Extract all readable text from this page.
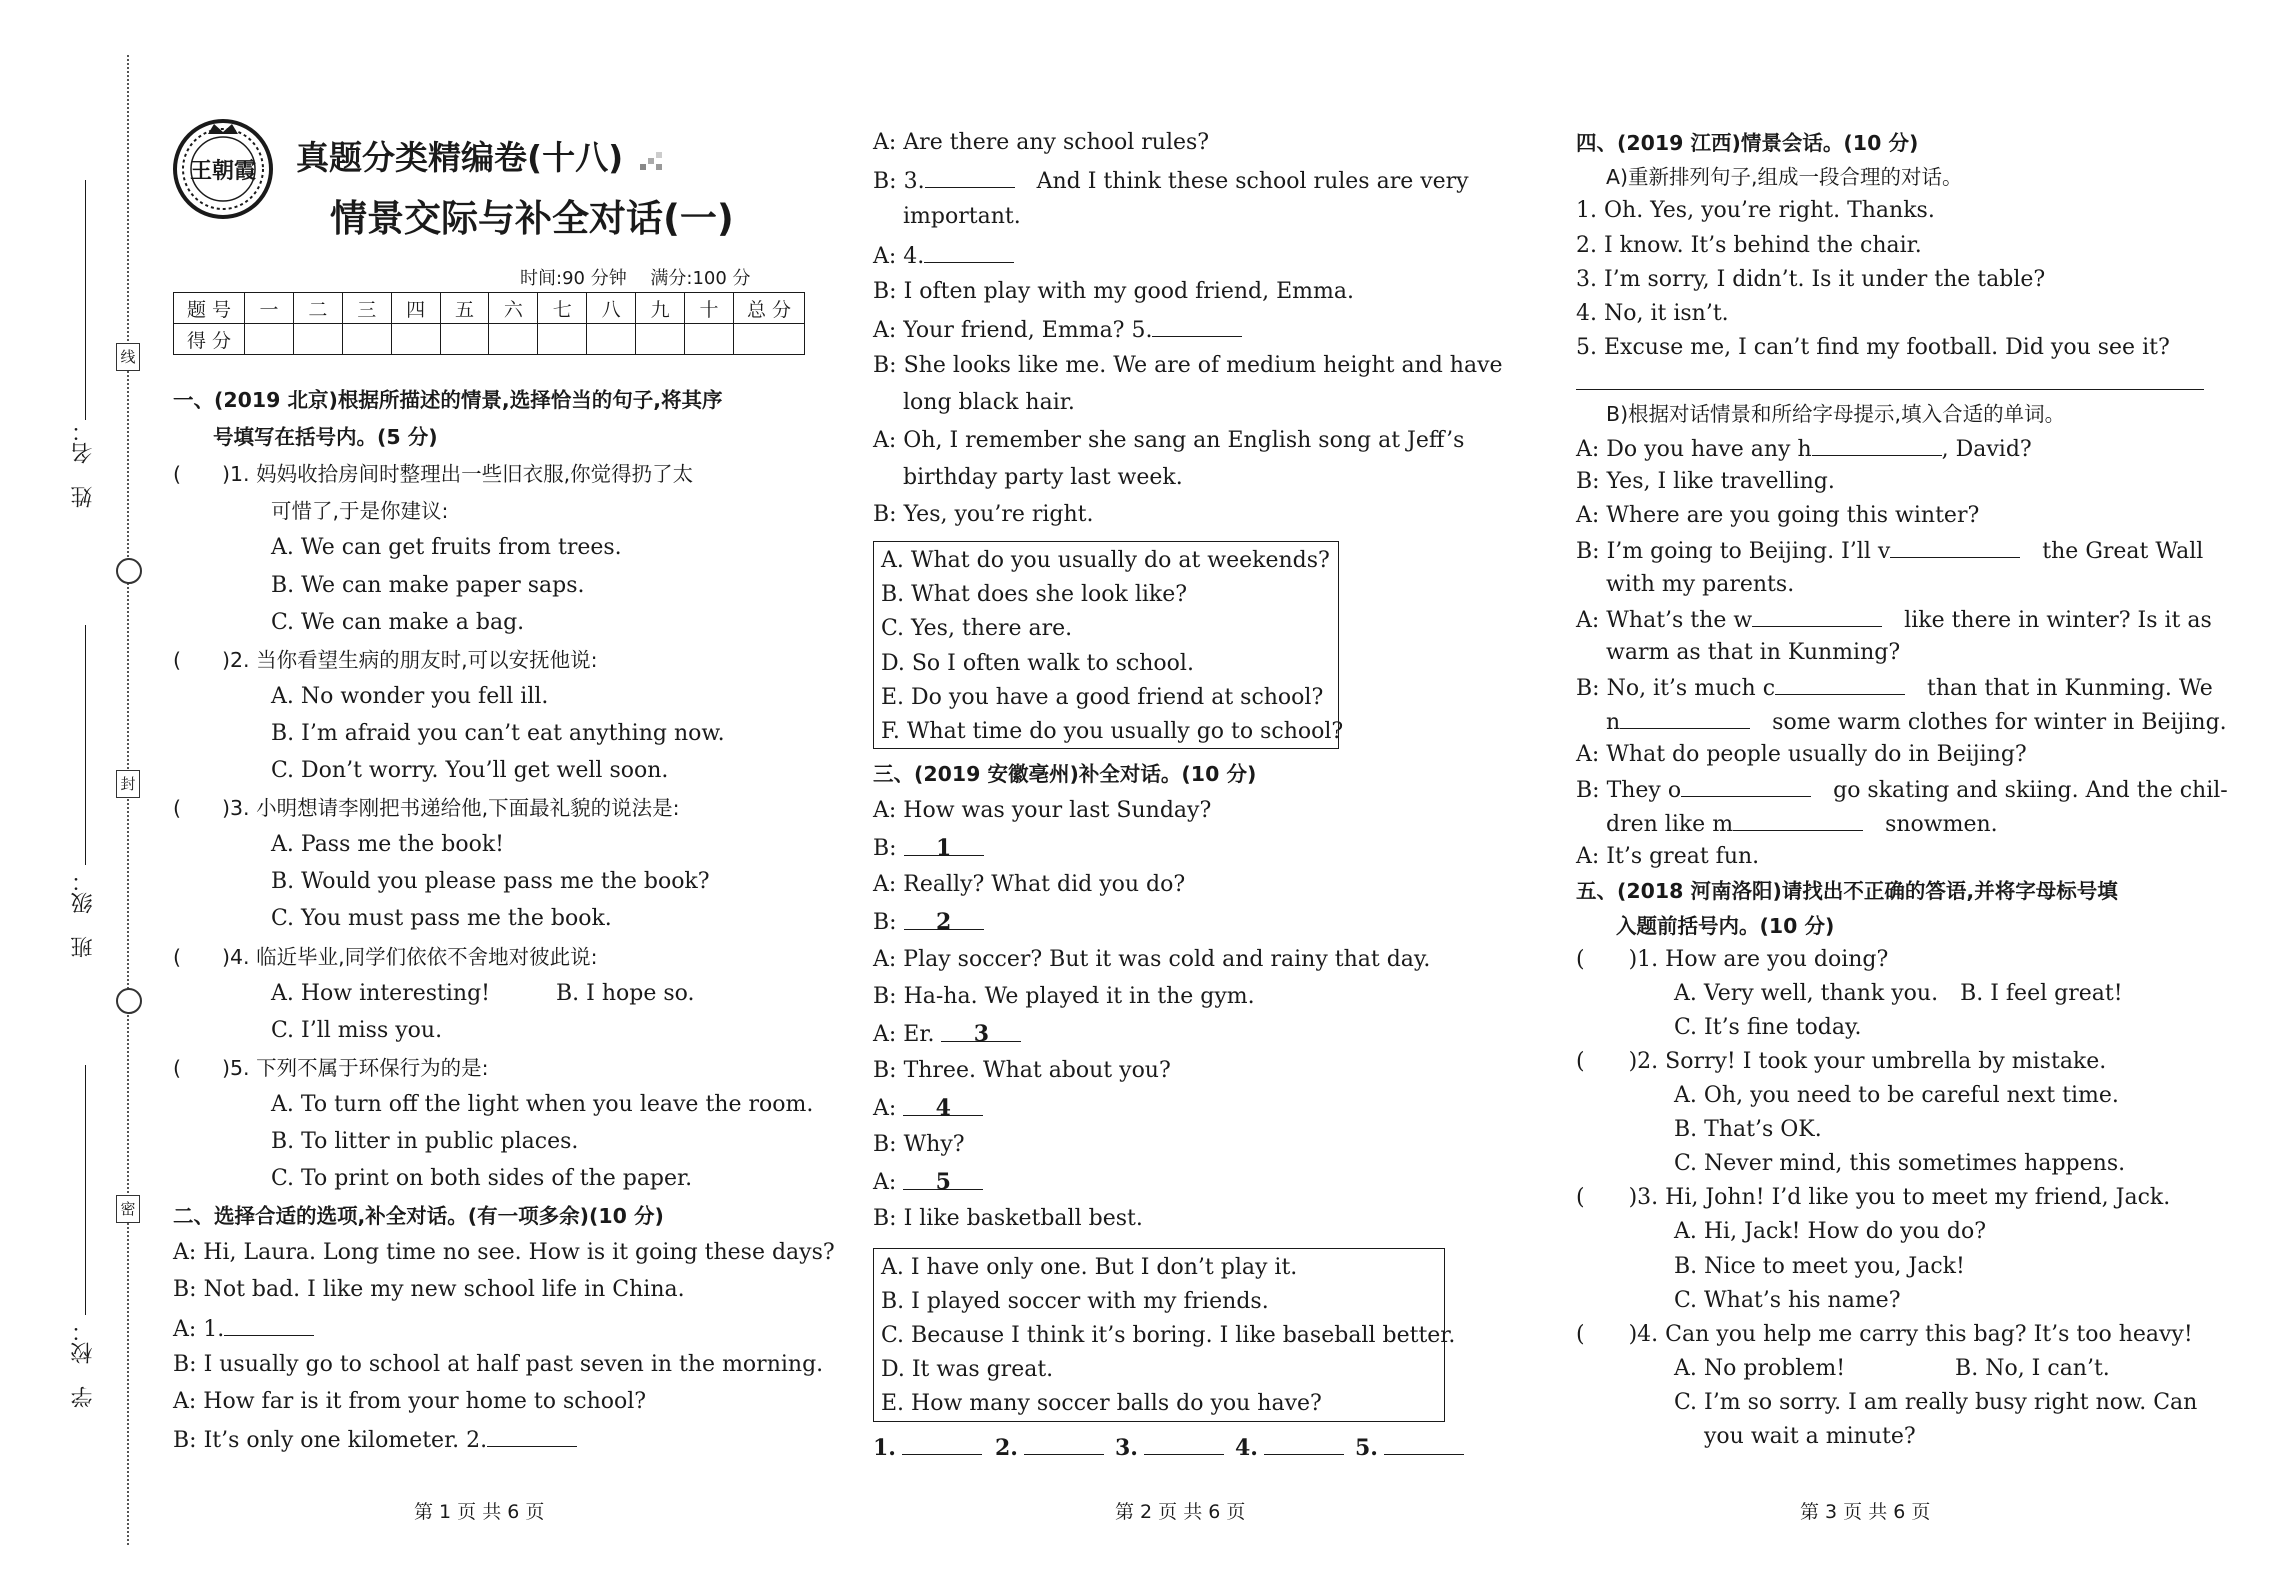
姓　名：
班　级：
学　校：
线
封
密
王朝霞	真题分类精编卷(十八)
情景交际与补全对话(一)
时间:90 分钟　 满分:100 分
题 号	一	二	三	四	五	六	七	八	九	十	总 分
得 分											
一、(2019 北京)根据所描述的情景,选择恰当的句子,将其序
号填写在括号内。(5 分)
(　　)1. 妈妈收拾房间时整理出一些旧衣服,你觉得扔了太
可惜了,于是你建议:
A. We can get fruits from trees.
B. We can make paper saps.
C. We can make a bag.
(　　)2. 当你看望生病的朋友时,可以安抚他说:
A. No wonder you fell ill.
B. I’m afraid you can’t eat anything now.
C. Don’t worry. You’ll get well soon.
(　　)3. 小明想请李刚把书递给他,下面最礼貌的说法是:
A. Pass me the book!
B. Would you please pass me the book?
C. You must pass me the book.
(　　)4. 临近毕业,同学们依依不舍地对彼此说:
A. How interesting!　　　B. I hope so.
C. I’ll miss you.
(　　)5. 下列不属于环保行为的是:
A. To turn off the light when you leave the room.
B. To litter in public places.
C. To print on both sides of the paper.
二、选择合适的选项,补全对话。(有一项多余)(10 分)
A: Hi, Laura. Long time no see. How is it going these days?
B: Not bad. I like my new school life in China.
A: 1.
B: I usually go to school at half past seven in the morning.
A: How far is it from your home to school?
B: It’s only one kilometer. 2.
A: Are there any school rules?
B: 3.	　And I think these school rules are very
important.
A: 4.
B: I often play with my good friend, Emma.
A: Your friend, Emma? 5.
B: She looks like me. We are of medium height and have
long black hair.
A: Oh, I remember she sang an English song at Jeff’s
birthday party last week.
B: Yes, you’re right.
A. What do you usually do at weekends?
B. What does she look like?
C. Yes, there are.
D. So I often walk to school.
E. Do you have a good friend at school?
F. What time do you usually go to school?
三、(2019 安徽亳州)补全对话。(10 分)
A: How was your last Sunday?
B: 1
A: Really? What did you do?
B: 2
A: Play soccer? But it was cold and rainy that day.
B: Ha-ha. We played it in the gym.
A: Er. 3
B: Three. What about you?
A: 4
B: Why?
A: 5
B: I like basketball best.
A. I have only one. But I don’t play it.
B. I played soccer with my friends.
C. Because I think it’s boring. I like baseball better.
D. It was great.
E. How many soccer balls do you have?
1.	2.	3.	4.	5.
四、(2019 江西)情景会话。(10 分)
A)重新排列句子,组成一段合理的对话。
1. Oh. Yes, you’re right. Thanks.
2. I know. It’s behind the chair.
3. I’m sorry, I didn’t. Is it under the table?
4. No, it isn’t.
5. Excuse me, I can’t find my football. Did you see it?
B)根据对话情景和所给字母提示,填入合适的单词。
A: Do you have any h	, David?
B: Yes, I like travelling.
A: Where are you going this winter?
B: I’m going to Beijing. I’ll v	　the Great Wall
with my parents.
A: What’s the w	　like there in winter? Is it as
warm as that in Kunming?
B: No, it’s much c	　than that in Kunming. We
n	　some warm clothes for winter in Beijing.
A: What do people usually do in Beijing?
B: They o	　go skating and skiing. And the chil-
dren like m	　snowmen.
A: It’s great fun.
五、(2018 河南洛阳)请找出不正确的答语,并将字母标号填
入题前括号内。(10 分)
(　　)1. How are you doing?
A. Very well, thank you.　B. I feel great!
C. It’s fine today.
(　　)2. Sorry! I took your umbrella by mistake.
A. Oh, you need to be careful next time.
B. That’s OK.
C. Never mind, this sometimes happens.
(　　)3. Hi, John! I’d like you to meet my friend, Jack.
A. Hi, Jack! How do you do?
B. Nice to meet you, Jack!
C. What’s his name?
(　　)4. Can you help me carry this bag? It’s too heavy!
A. No problem!　　　　　B. No, I can’t.
C. I’m so sorry. I am really busy right now. Can
you wait a minute?
第 1 页 共 6 页	第 2 页 共 6 页	第 3 页 共 6 页
